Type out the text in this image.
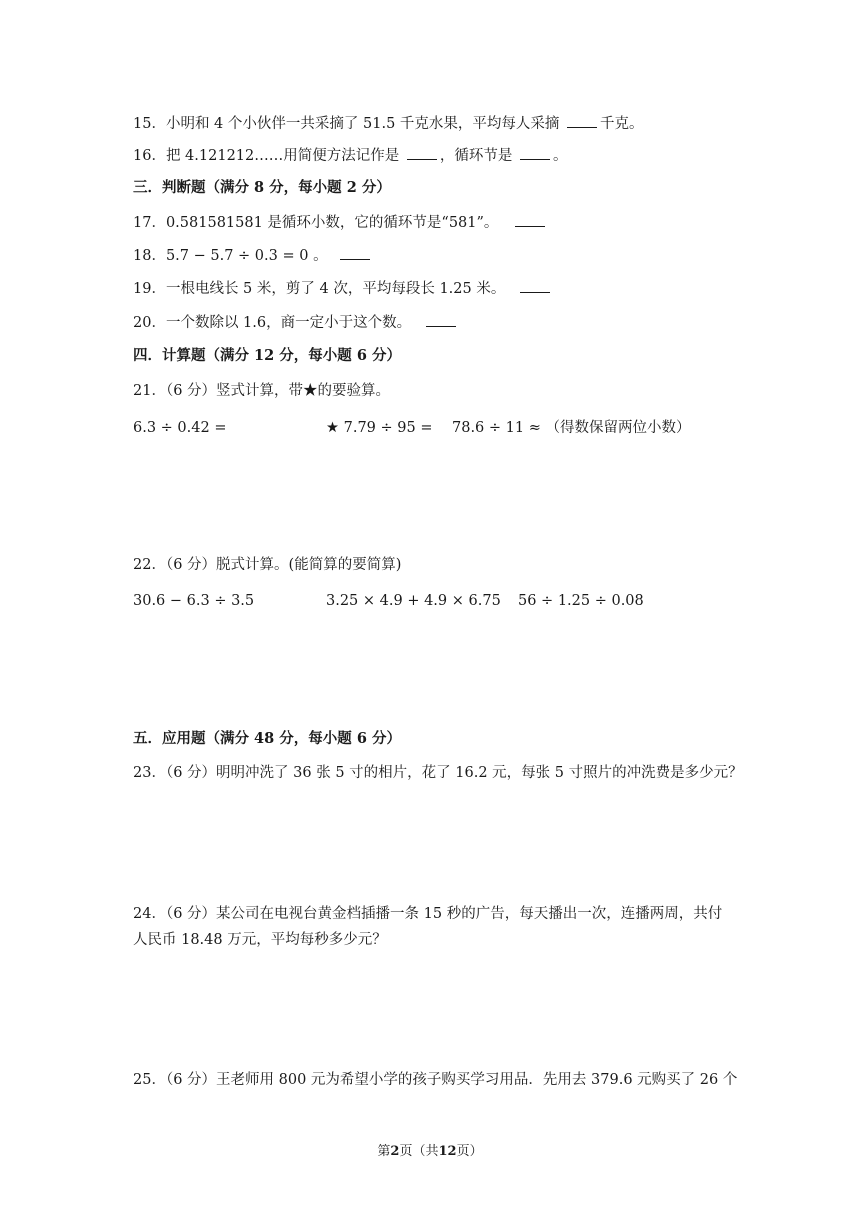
15．小明和 4 个小伙伴一共采摘了 51.5 千克水果，平均每人采摘	千克。
16．把 4.121212……用简便方法记作是	，循环节是	。
三．判断题（满分 8 分，每小题 2 分）
17．0.581581581 是循环小数，它的循环节是“581”。
18．5.7 − 5.7 ÷ 0.3 = 0 。
19．一根电线长 5 米，剪了 4 次，平均每段长 1.25 米。
20．一个数除以 1.6，商一定小于这个数。
四．计算题（满分 12 分，每小题 6 分）
21．（6 分）竖式计算，带★的要验算。
6.3 ÷ 0.42 =	★ 7.79 ÷ 95 = 78.6 ÷ 11 ≈ （得数保留两位小数）
22．（6 分）脱式计算。(能简算的要简算)
30.6 − 6.3 ÷ 3.5	3.25 × 4.9 + 4.9 × 6.75 56 ÷ 1.25 ÷ 0.08
五．应用题（满分 48 分，每小题 6 分）
23．（6 分）明明冲洗了 36 张 5 寸的相片，花了 16.2 元，每张 5 寸照片的冲洗费是多少元？
24．（6 分）某公司在电视台黄金档插播一条 15 秒的广告，每天播出一次，连播两周，共付
人民币 18.48 万元，平均每秒多少元？
25．（6 分）王老师用 800 元为希望小学的孩子购买学习用品．先用去 379.6 元购买了 26 个
第2页（共12页）
